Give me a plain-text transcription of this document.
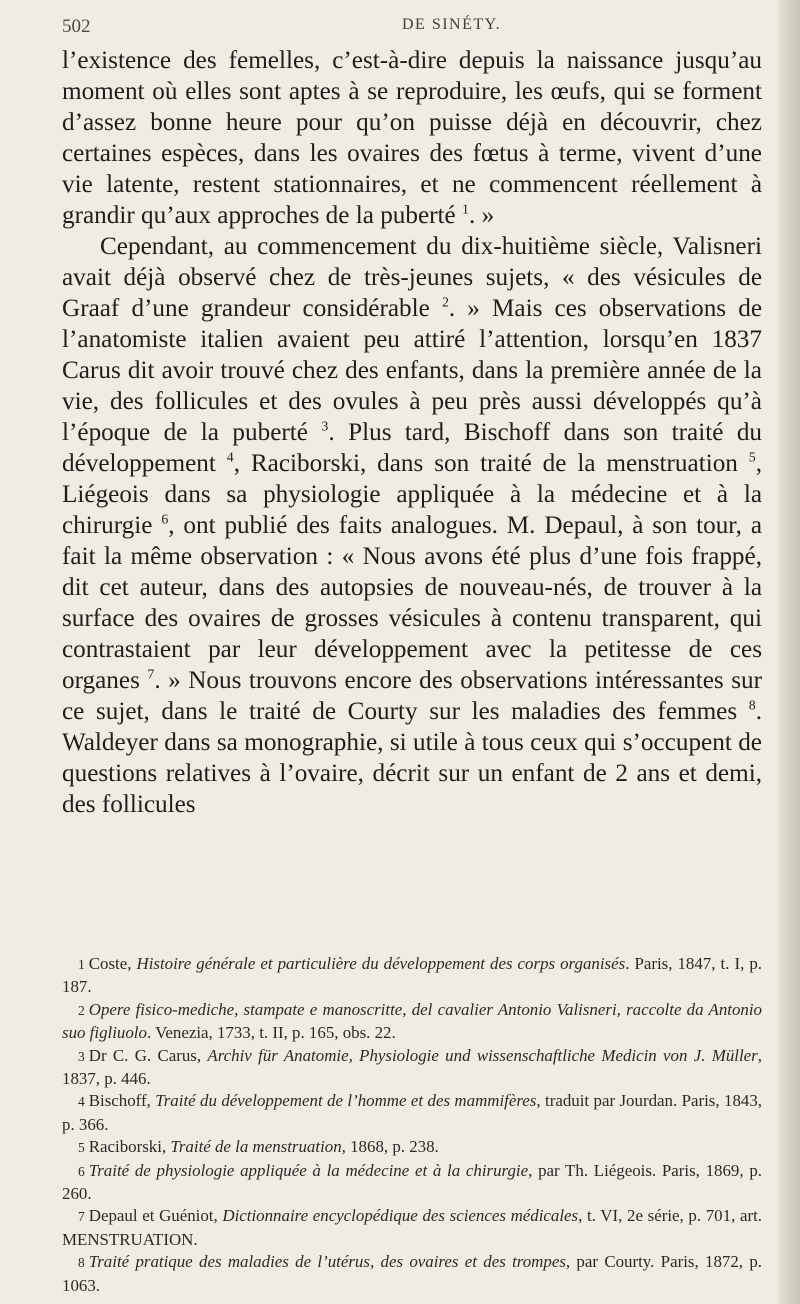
502	DE SINÉTY.

l’existence des femelles, c’est-à-dire depuis la naissance jusqu’au moment où elles sont aptes à se reproduire, les œufs, qui se forment d’assez bonne heure pour qu’on puisse déjà en découvrir, chez certaines espèces, dans les ovaires des fœtus à terme, vivent d’une vie latente, restent stationnaires, et ne commencent réellement à grandir qu’aux approches de la puberté $^1$. »

Cependant, au commencement du dix-huitième siècle, Valisneri avait déjà observé chez de très-jeunes sujets, « des vésicules de Graaf d’une grandeur considérable $^2$. » Mais ces observations de l’anatomiste italien avaient peu attiré l’attention, lorsqu’en 1837 Carus dit avoir trouvé chez des enfants, dans la première année de la vie, des follicules et des ovules à peu près aussi développés qu’à l’époque de la puberté $^3$. Plus tard, Bischoff dans son traité du développement $^4$, Raciborski, dans son traité de la menstruation $^5$, Liégeois dans sa physiologie appliquée à la médecine et à la chirurgie $^6$, ont publié des faits analogues. M. Depaul, à son tour, a fait la même observation : « Nous avons été plus d’une fois frappé, dit cet auteur, dans des autopsies de nouveau-nés, de trouver à la surface des ovaires de grosses vésicules à contenu transparent, qui contrastaient par leur développement avec la petitesse de ces organes $^7$. » Nous trouvons encore des observations intéressantes sur ce sujet, dans le traité de Courty sur les maladies des femmes $^8$. Waldeyer dans sa monographie, si utile à tous ceux qui s’occupent de questions relatives à l’ovaire, décrit sur un enfant de 2 ans et demi, des follicules

1 Coste, Histoire générale et particulière du développement des corps organisés. Paris, 1847, t. I, p. 187.

2 Opere fisico-mediche, stampate e manoscritte, del cavalier Antonio Valisneri, raccolte da Antonio suo figliuolo. Venezia, 1733, t. II, p. 165, obs. 22.

3 Dr C. G. Carus, Archiv für Anatomie, Physiologie und wissenschaftliche Medicin von J. Müller, 1837, p. 446.

4 Bischoff, Traité du développement de l’homme et des mammifères, traduit par Jourdan. Paris, 1843, p. 366.

5 Raciborski, Traité de la menstruation, 1868, p. 238.

6 Traité de physiologie appliquée à la médecine et à la chirurgie, par Th. Liégeois. Paris, 1869, p. 260.

7 Depaul et Guéniot, Dictionnaire encyclopédique des sciences médicales, t. VI, 2e série, p. 701, art. MENSTRUATION.

8 Traité pratique des maladies de l’utérus, des ovaires et des trompes, par Courty. Paris, 1872, p. 1063.
